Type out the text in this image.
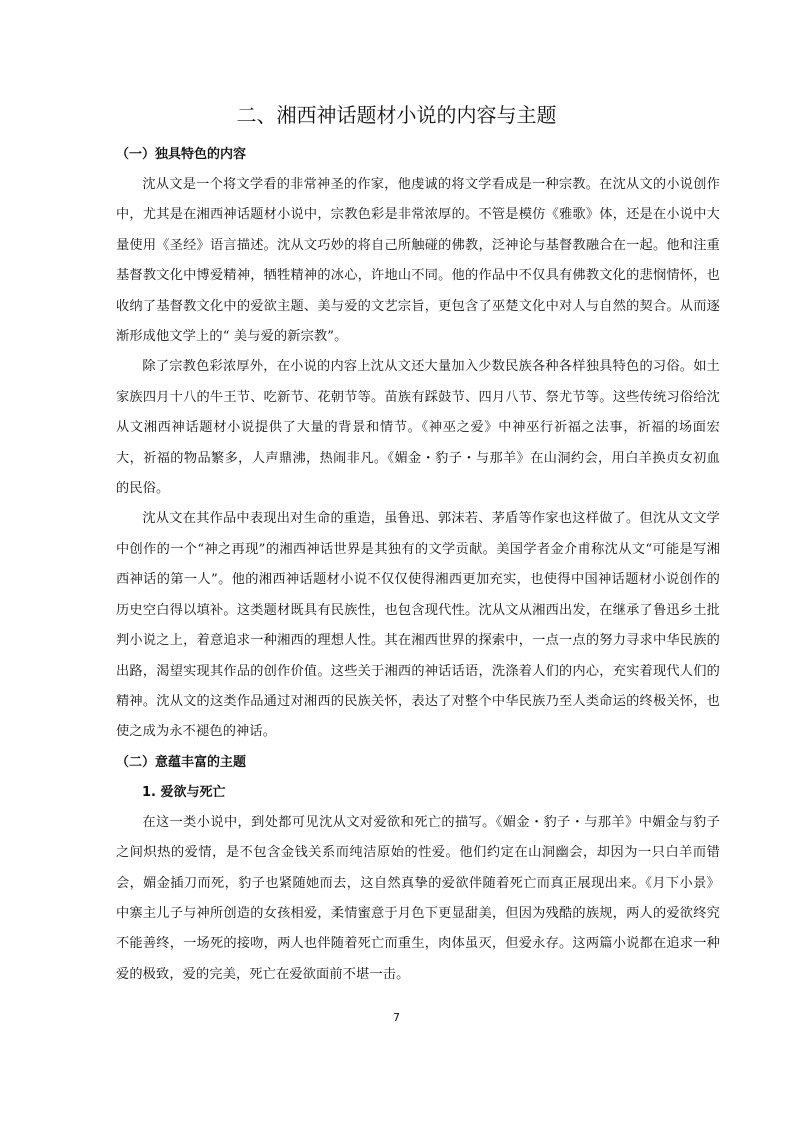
二、湘西神话题材小说的内容与主题
（一）独具特色的内容

沈从文是一个将文学看的非常神圣的作家，他虔诚的将文学看成是一种宗教。在沈从文的小说创作中，尤其是在湘西神话题材小说中，宗教色彩是非常浓厚的。不管是模仿《雅歌》体，还是在小说中大量使用《圣经》语言描述。沈从文巧妙的将自己所触碰的佛教，泛神论与基督教融合在一起。他和注重基督教文化中博爱精神，牺牲精神的冰心，许地山不同。他的作品中不仅具有佛教文化的悲悯情怀，也收纳了基督教文化中的爱欲主题、美与爱的文艺宗旨，更包含了巫楚文化中对人与自然的契合。从而逐渐形成他文学上的“ 美与爱的新宗教”。

除了宗教色彩浓厚外，在小说的内容上沈从文还大量加入少数民族各种各样独具特色的习俗。如土家族四月十八的牛王节、吃新节、花朝节等。苗族有踩鼓节、四月八节、祭尤节等。这些传统习俗给沈从文湘西神话题材小说提供了大量的背景和情节。《神巫之爱》中神巫行祈福之法事，祈福的场面宏大，祈福的物品繁多，人声鼎沸，热闹非凡。《媚金・豹子・与那羊》在山洞约会，用白羊换贞女初血的民俗。

沈从文在其作品中表现出对生命的重造，虽鲁迅、郭沫若、茅盾等作家也这样做了。但沈从文文学中创作的一个“神之再现”的湘西神话世界是其独有的文学贡献。美国学者金介甫称沈从文“可能是写湘西神话的第一人”。他的湘西神话题材小说不仅仅使得湘西更加充实，也使得中国神话题材小说创作的历史空白得以填补。这类题材既具有民族性，也包含现代性。沈从文从湘西出发，在继承了鲁迅乡土批判小说之上，着意追求一种湘西的理想人性。其在湘西世界的探索中，一点一点的努力寻求中华民族的出路，渴望实现其作品的创作价值。这些关于湘西的神话话语，洗涤着人们的内心，充实着现代人们的精神。沈从文的这类作品通过对湘西的民族关怀，表达了对整个中华民族乃至人类命运的终极关怀，也使之成为永不褪色的神话。

（二）意蕴丰富的主题
1. 爱欲与死亡

在这一类小说中，到处都可见沈从文对爱欲和死亡的描写。《媚金・豹子・与那羊》中媚金与豹子之间炽热的爱情，是不包含金钱关系而纯洁原始的性爱。他们约定在山洞幽会，却因为一只白羊而错会，媚金插刀而死，豹子也紧随她而去，这自然真挚的爱欲伴随着死亡而真正展现出来。《月下小景》中寨主儿子与神所创造的女孩相爱，柔情蜜意于月色下更显甜美，但因为残酷的族规，两人的爱欲终究不能善终，一场死的接吻，两人也伴随着死亡而重生，肉体虽灭，但爱永存。这两篇小说都在追求一种爱的极致，爱的完美，死亡在爱欲面前不堪一击。

7
